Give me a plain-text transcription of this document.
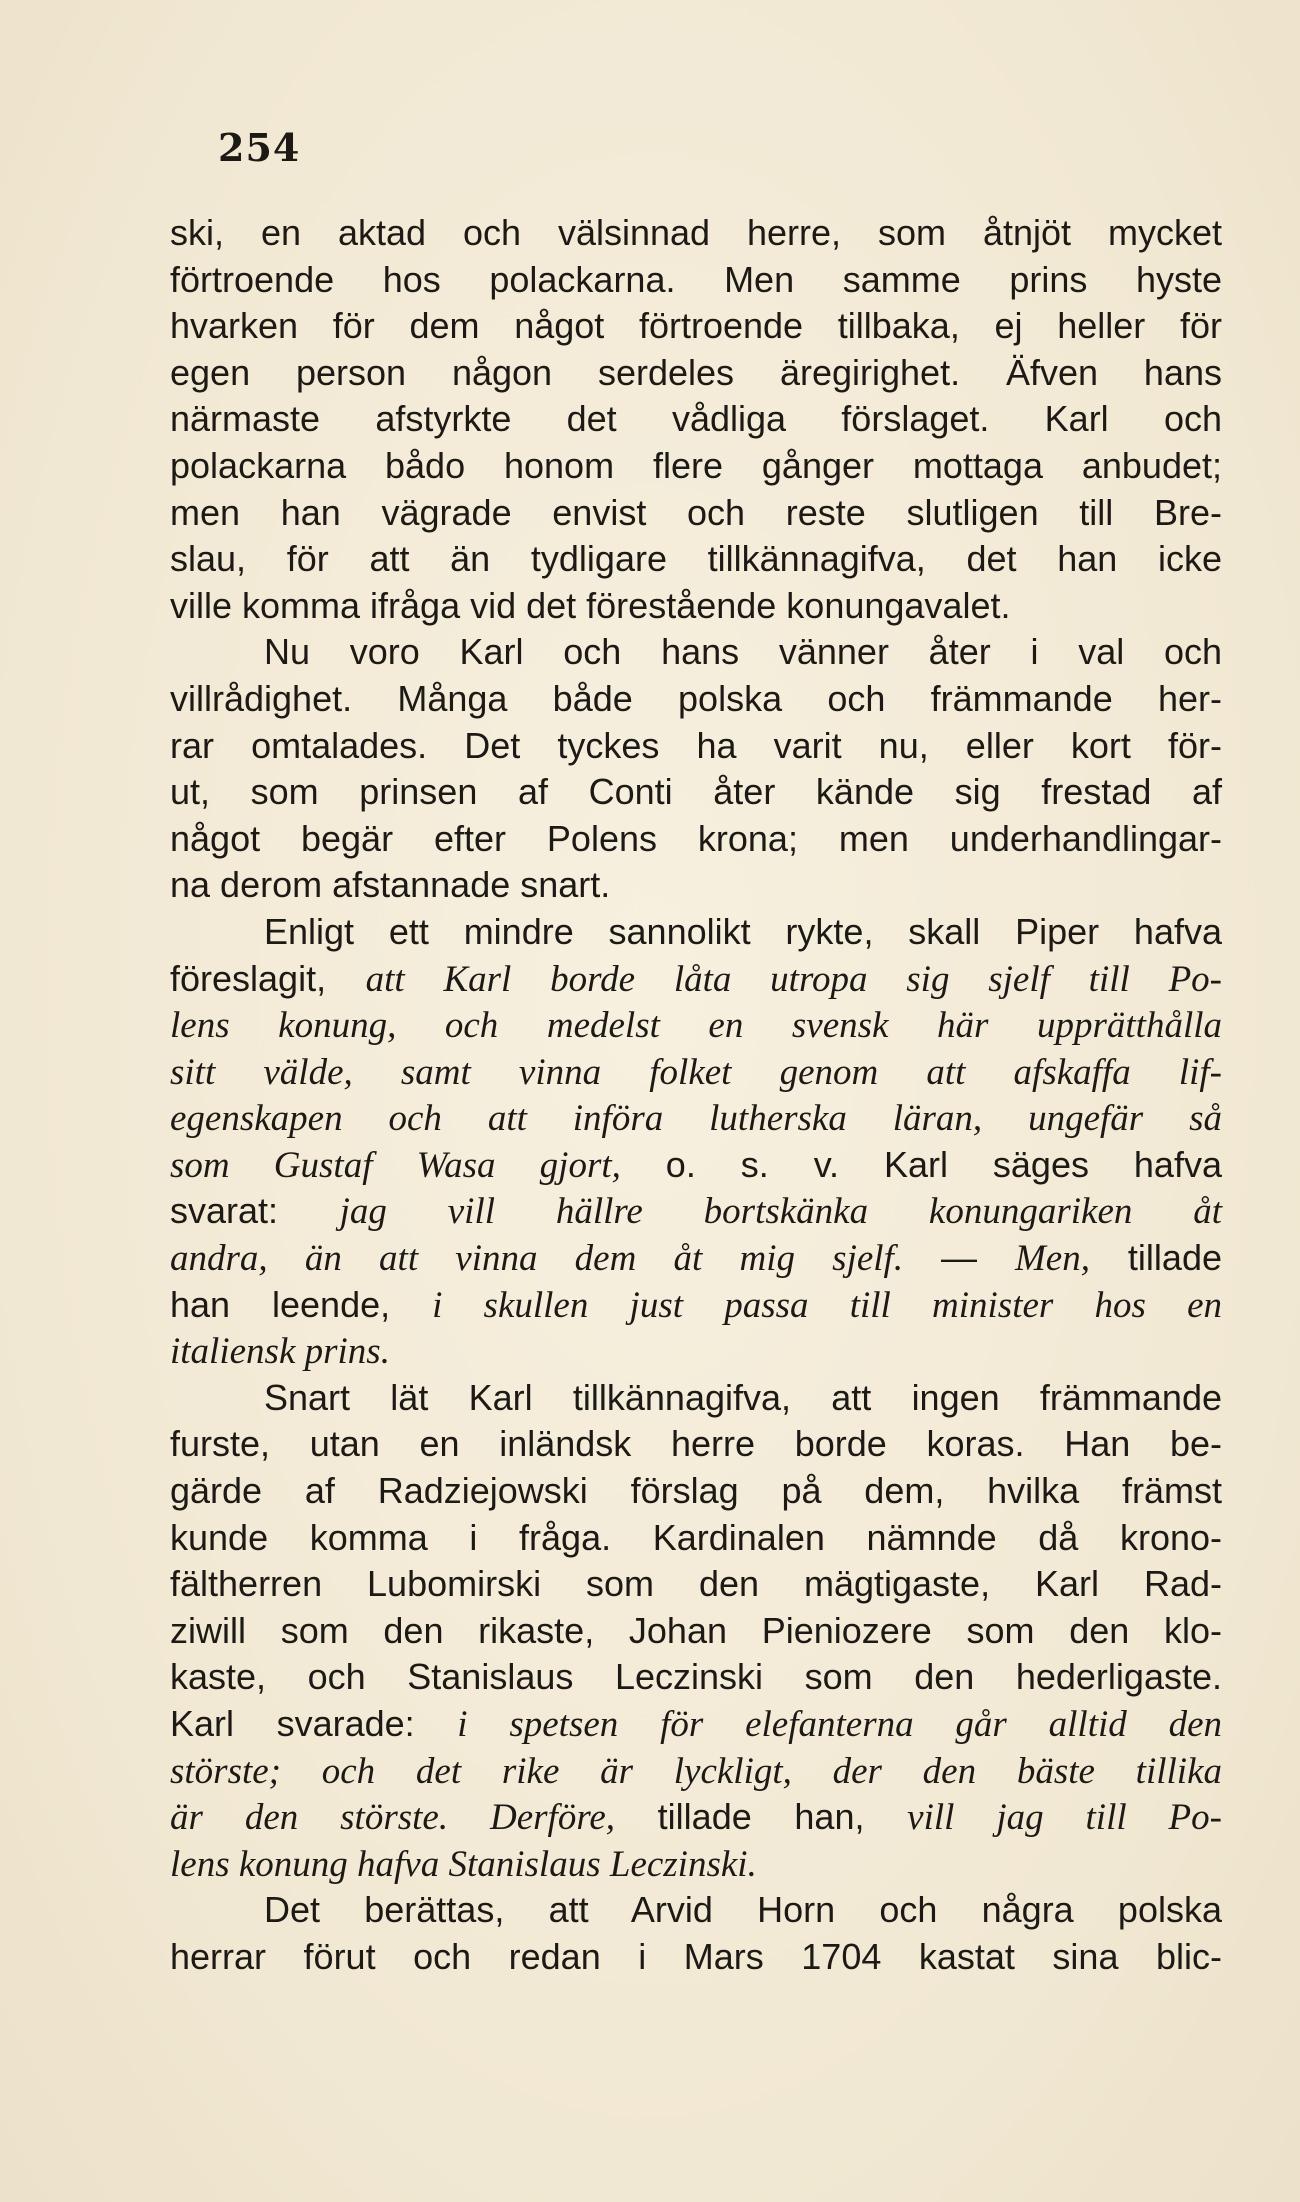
254
ski, en aktad och välsinnad herre, som åtnjöt mycket
förtroende hos polackarna. Men samme prins hyste
hvarken för dem något förtroende tillbaka, ej heller för
egen person någon serdeles äregirighet. Äfven hans
närmaste afstyrkte det vådliga förslaget. Karl och
polackarna bådo honom flere gånger mottaga anbudet;
men han vägrade envist och reste slutligen till Bre-
slau, för att än tydligare tillkännagifva, det han icke
ville komma ifråga vid det förestående konungavalet.
Nu voro Karl och hans vänner åter i val och
villrådighet. Många både polska och främmande her-
rar omtalades. Det tyckes ha varit nu, eller kort för-
ut, som prinsen af Conti åter kände sig frestad af
något begär efter Polens krona; men underhandlingar-
na derom afstannade snart.
Enligt ett mindre sannolikt rykte, skall Piper hafva
föreslagit, att Karl borde låta utropa sig sjelf till Po-
lens konung, och medelst en svensk här upprätthålla
sitt välde, samt vinna folket genom att afskaffa lif-
egenskapen och att införa lutherska läran, ungefär så
som Gustaf Wasa gjort, o. s. v. Karl säges hafva
svarat: jag vill hällre bortskänka konungariken åt
andra, än att vinna dem åt mig sjelf. — Men, tillade
han leende, i skullen just passa till minister hos en
italiensk prins.
Snart lät Karl tillkännagifva, att ingen främmande
furste, utan en inländsk herre borde koras. Han be-
gärde af Radziejowski förslag på dem, hvilka främst
kunde komma i fråga. Kardinalen nämnde då krono-
fältherren Lubomirski som den mägtigaste, Karl Rad-
ziwill som den rikaste, Johan Pieniozere som den klo-
kaste, och Stanislaus Leczinski som den hederligaste.
Karl svarade: i spetsen för elefanterna går alltid den
störste; och det rike är lyckligt, der den bäste tillika
är den störste. Derföre, tillade han, vill jag till Po-
lens konung hafva Stanislaus Leczinski.
Det berättas, att Arvid Horn och några polska
herrar förut och redan i Mars 1704 kastat sina blic-
